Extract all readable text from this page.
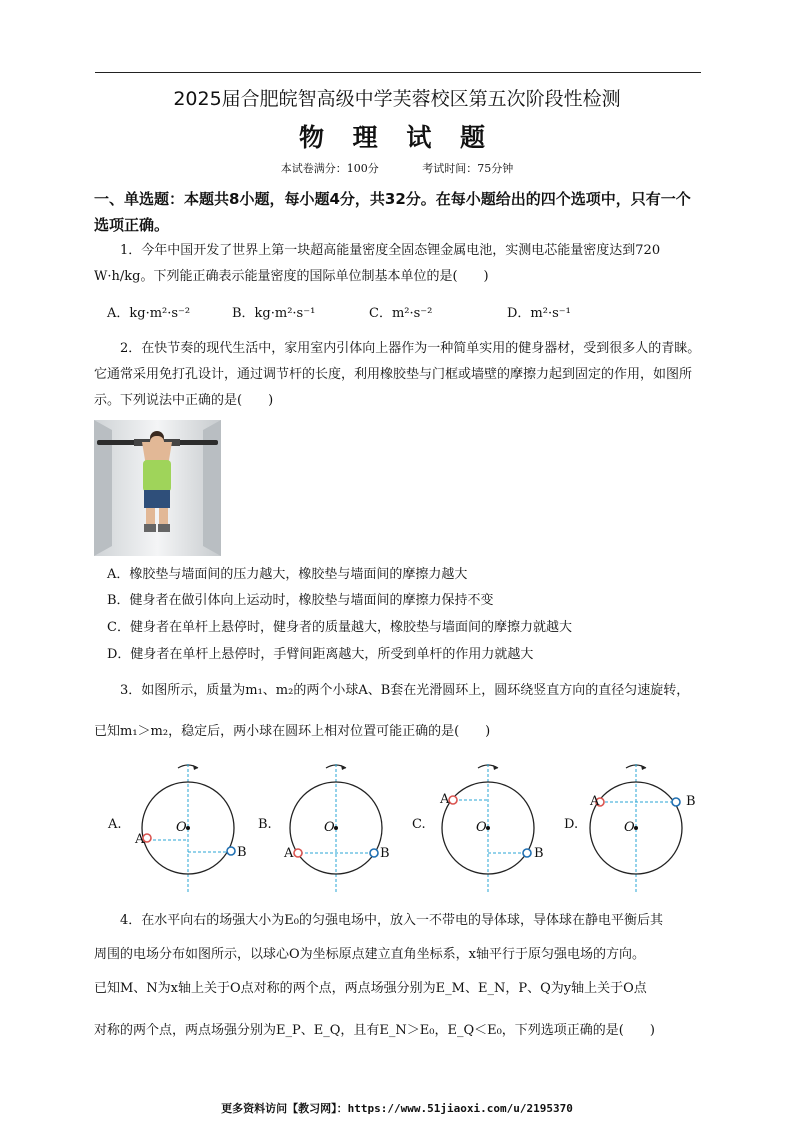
2025届合肥皖智高级中学芙蓉校区第五次阶段性检测
物 理 试 题
本试卷满分：100分	考试时间：75分钟
一、单选题：本题共8小题，每小题4分，共32分。在每小题给出的四个选项中，只有一个选项正确。
1．今年中国开发了世界上第一块超高能量密度全固态锂金属电池，实测电芯能量密度达到720 W·h/kg。下列能正确表示能量密度的国际单位制基本单位的是(　　)
A．kg·m²·s⁻²	B．kg·m²·s⁻¹	C．m²·s⁻²	D．m²·s⁻¹
2．在快节奏的现代生活中，家用室内引体向上器作为一种简单实用的健身器材，受到很多人的青睐。它通常采用免打孔设计，通过调节杆的长度，利用橡胶垫与门框或墙壁的摩擦力起到固定的作用，如图所示。下列说法中正确的是(　　)
A．橡胶垫与墙面间的压力越大，橡胶垫与墙面间的摩擦力越大
B．健身者在做引体向上运动时，橡胶垫与墙面间的摩擦力保持不变
C．健身者在单杆上悬停时，健身者的质量越大，橡胶垫与墙面间的摩擦力就越大
D．健身者在单杆上悬停时，手臂间距离越大，所受到单杆的作用力就越大
3．如图所示，质量为m₁、m₂的两个小球A、B套在光滑圆环上，圆环绕竖直方向的直径匀速旋转，
已知m₁＞m₂，稳定后，两小球在圆环上相对位置可能正确的是(　　)
A.	O
A
B
B.	O
A	B
C.	O
A
B
D.	O
A	B
4．在水平向右的场强大小为E₀的匀强电场中，放入一不带电的导体球，导体球在静电平衡后其
周围的电场分布如图所示，以球心O为坐标原点建立直角坐标系，x轴平行于原匀强电场的方向。
已知M、N为x轴上关于O点对称的两个点，两点场强分别为E_M、E_N，P、Q为y轴上关于O点
对称的两个点，两点场强分别为E_P、E_Q，且有E_N＞E₀，E_Q＜E₀，下列选项正确的是(　　)
更多资料访问【教习网】：https://www.51jiaoxi.com/u/2195370
